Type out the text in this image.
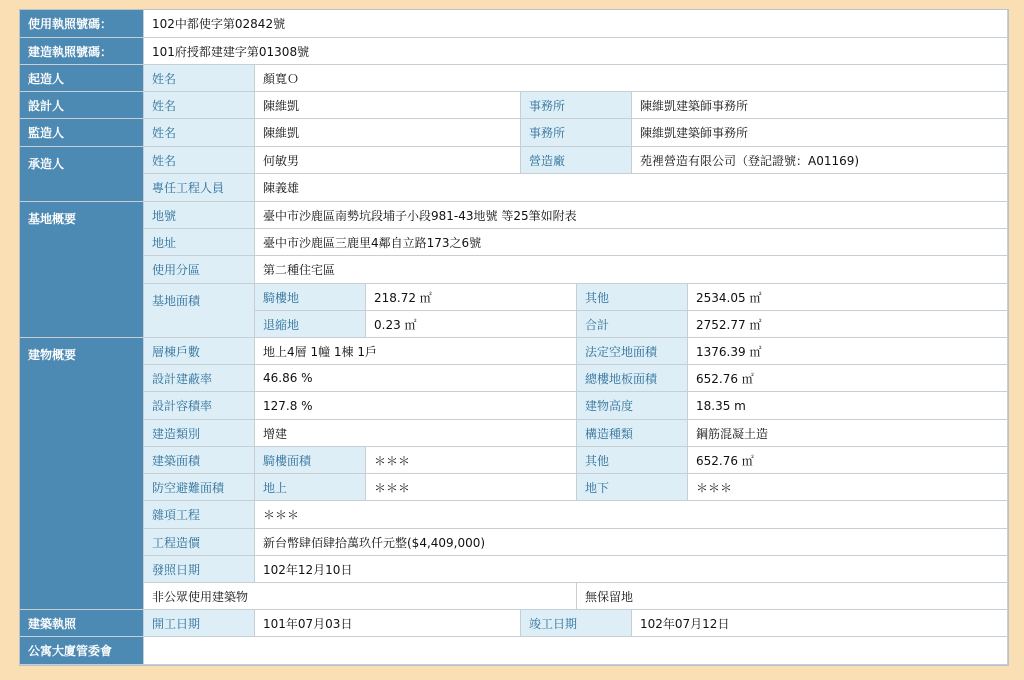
使用執照號碼：	102中都使字第02842號
建造執照號碼：	101府授都建建字第01308號
起造人	姓名	顏寬Ｏ
設計人	姓名	陳維凱	事務所	陳維凱建築師事務所
監造人	姓名	陳維凱	事務所	陳維凱建築師事務所
承造人	姓名	何敏男	營造廠	苑裡營造有限公司（登記證號：A01169)
專任工程人員	陳義雄
基地概要	地號	臺中市沙鹿區南勢坑段埔子小段981-43地號 等25筆如附表
地址	臺中市沙鹿區三鹿里4鄰自立路173之6號
使用分區	第二種住宅區
基地面積	騎樓地	218.72 ㎡	其他	2534.05 ㎡
退縮地	0.23 ㎡	合計	2752.77 ㎡
建物概要	層棟戶數	地上4層 1幢 1棟 1戶	法定空地面積	1376.39 ㎡
設計建蔽率	46.86 %	總樓地板面積	652.76 ㎡
設計容積率	127.8 %	建物高度	18.35 m
建造類別	增建	構造種類	鋼筋混凝土造
建築面積	騎樓面積	＊＊＊	其他	652.76 ㎡
防空避難面積	地上	＊＊＊	地下	＊＊＊
雜項工程	＊＊＊
工程造價	新台幣肆佰肆拾萬玖仟元整($4,409,000)
發照日期	102年12月10日
非公眾使用建築物	無保留地
建築執照	開工日期	101年07月03日	竣工日期	102年07月12日
公寓大廈管委會
